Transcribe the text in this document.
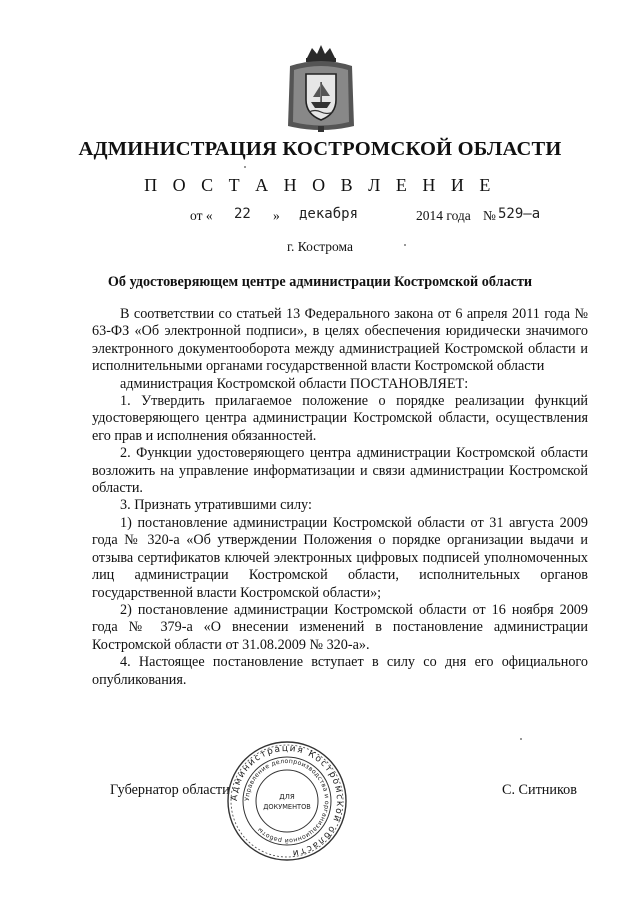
АДМИНИСТРАЦИЯ КОСТРОМСКОЙ ОБЛАСТИ
П О С Т А Н О В Л Е Н И Е
от « 22 » декабря	2014 года № 529–а
г. Кострома
Об удостоверяющем центре администрации Костромской области

В соответствии со статьей 13 Федерального закона от 6 апреля 2011 года № 63-ФЗ «Об электронной подписи», в целях обеспечения юридически значимого электронного документооборота между администрацией Костромской области и исполнительными органами государственной власти Костромской области

администрация Костромской области ПОСТАНОВЛЯЕТ:

1. Утвердить прилагаемое положение о порядке реализации функций удостоверяющего центра администрации Костромской области, осуществления его прав и исполнения обязанностей.

2. Функции удостоверяющего центра администрации Костромской области возложить на управление информатизации и связи администрации Костромской области.

3. Признать утратившими силу:

1) постановление администрации Костромской области от 31 августа 2009 года № 320-а «Об утверждении Положения о порядке организации выдачи и отзыва сертификатов ключей электронных цифровых подписей уполномоченных лиц администрации Костромской области, исполнительных органов государственной власти Костромской области»;

2) постановление администрации Костромской области от 16 ноября 2009 года № 379-а «О внесении изменений в постановление администрации Костромской области от 31.08.2009 № 320-а».

4. Настоящее постановление вступает в силу со дня его официального опубликования.

Губернатор области	С. Ситников
Администрация Костромской области
Управление делопроизводства и организационной работы
ДЛЯ
ДОКУМЕНТОВ
